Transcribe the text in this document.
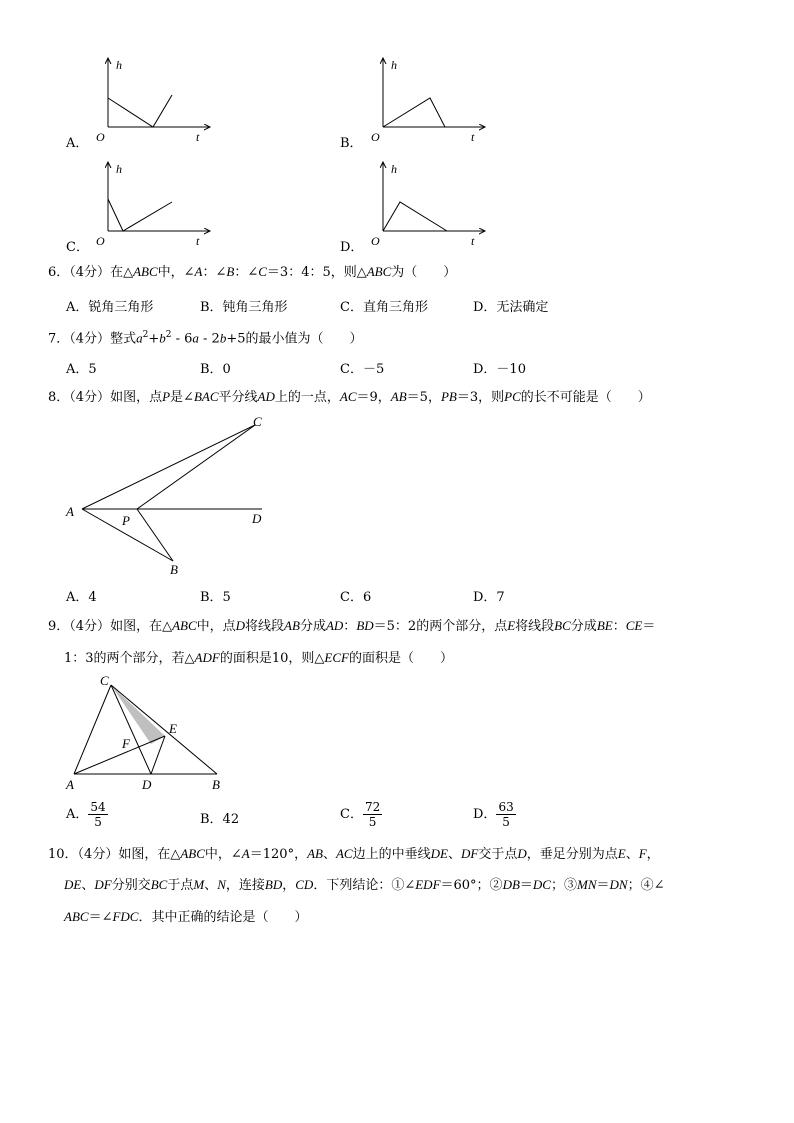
A．
h
O	t	B．
h
O	t
C．
h
O	t	D．
h
O	t
6．（4分）在△ABC中，∠A：∠B：∠C＝3：4：5，则△ABC为（　　）
A．锐角三角形	B．钝角三角形	C．直角三角形	D．无法确定
7．（4分）整式$a^2+b^2 - 6a - 2b+5$的最小值为（　　）
A．5	B．0	C．－5	D．－10
8．（4分）如图，点P是∠BAC平分线AD上的一点，AC＝9，AB＝5，PB＝3，则PC的长不可能是（　　）
A
C
D
P
B
A．4	B．5	C．6	D．7
9．（4分）如图，在△ABC中，点D将线段AB分成AD：BD＝5：2的两个部分，点E将线段BC分成BE：CE＝
1：3的两个部分，若△ADF的面积是10，则△ECF的面积是（　　）
C
E
F
A	D	B
A． $\frac{54}{5}$	B．42	C． $\frac{72}{5}$	D． $\frac{63}{5}$
10．（4分）如图，在△ABC中，∠A＝120°，AB、AC边上的中垂线DE、DF交于点D，垂足分别为点E、F，
DE、DF分别交BC于点M、N，连接BD，CD．下列结论：①∠EDF＝60°；②DB＝DC；③MN＝DN；④∠
ABC＝∠FDC．其中正确的结论是（　　）
